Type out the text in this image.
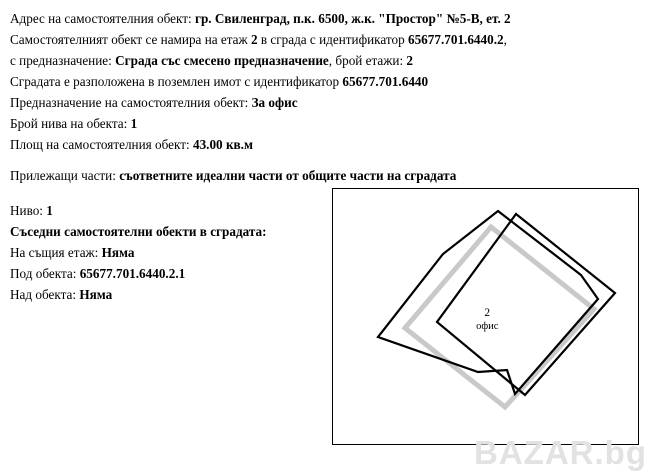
Адрес на самостоятелния обект: гр. Свиленград, п.к. 6500, ж.к. "Простор" №5-В, ет. 2
Самостоятелният обект се намира на етаж 2 в сграда с идентификатор 65677.701.6440.2,
с предназначение: Сграда със смесено предназначение, брой етажи: 2
Сградата е разположена в поземлен имот с идентификатор 65677.701.6440
Предназначение на самостоятелния обект: За офис
Брой нива на обекта: 1
Площ на самостоятелния обект: 43.00 кв.м
Прилежащи части: съответните идеални части от общите части на сградата
Ниво: 1
Съседни самостоятелни обекти в сградата:
На същия етаж: Няма
Под обекта: 65677.701.6440.2.1
Над обекта: Няма
2
офис
BAZAR.bg
